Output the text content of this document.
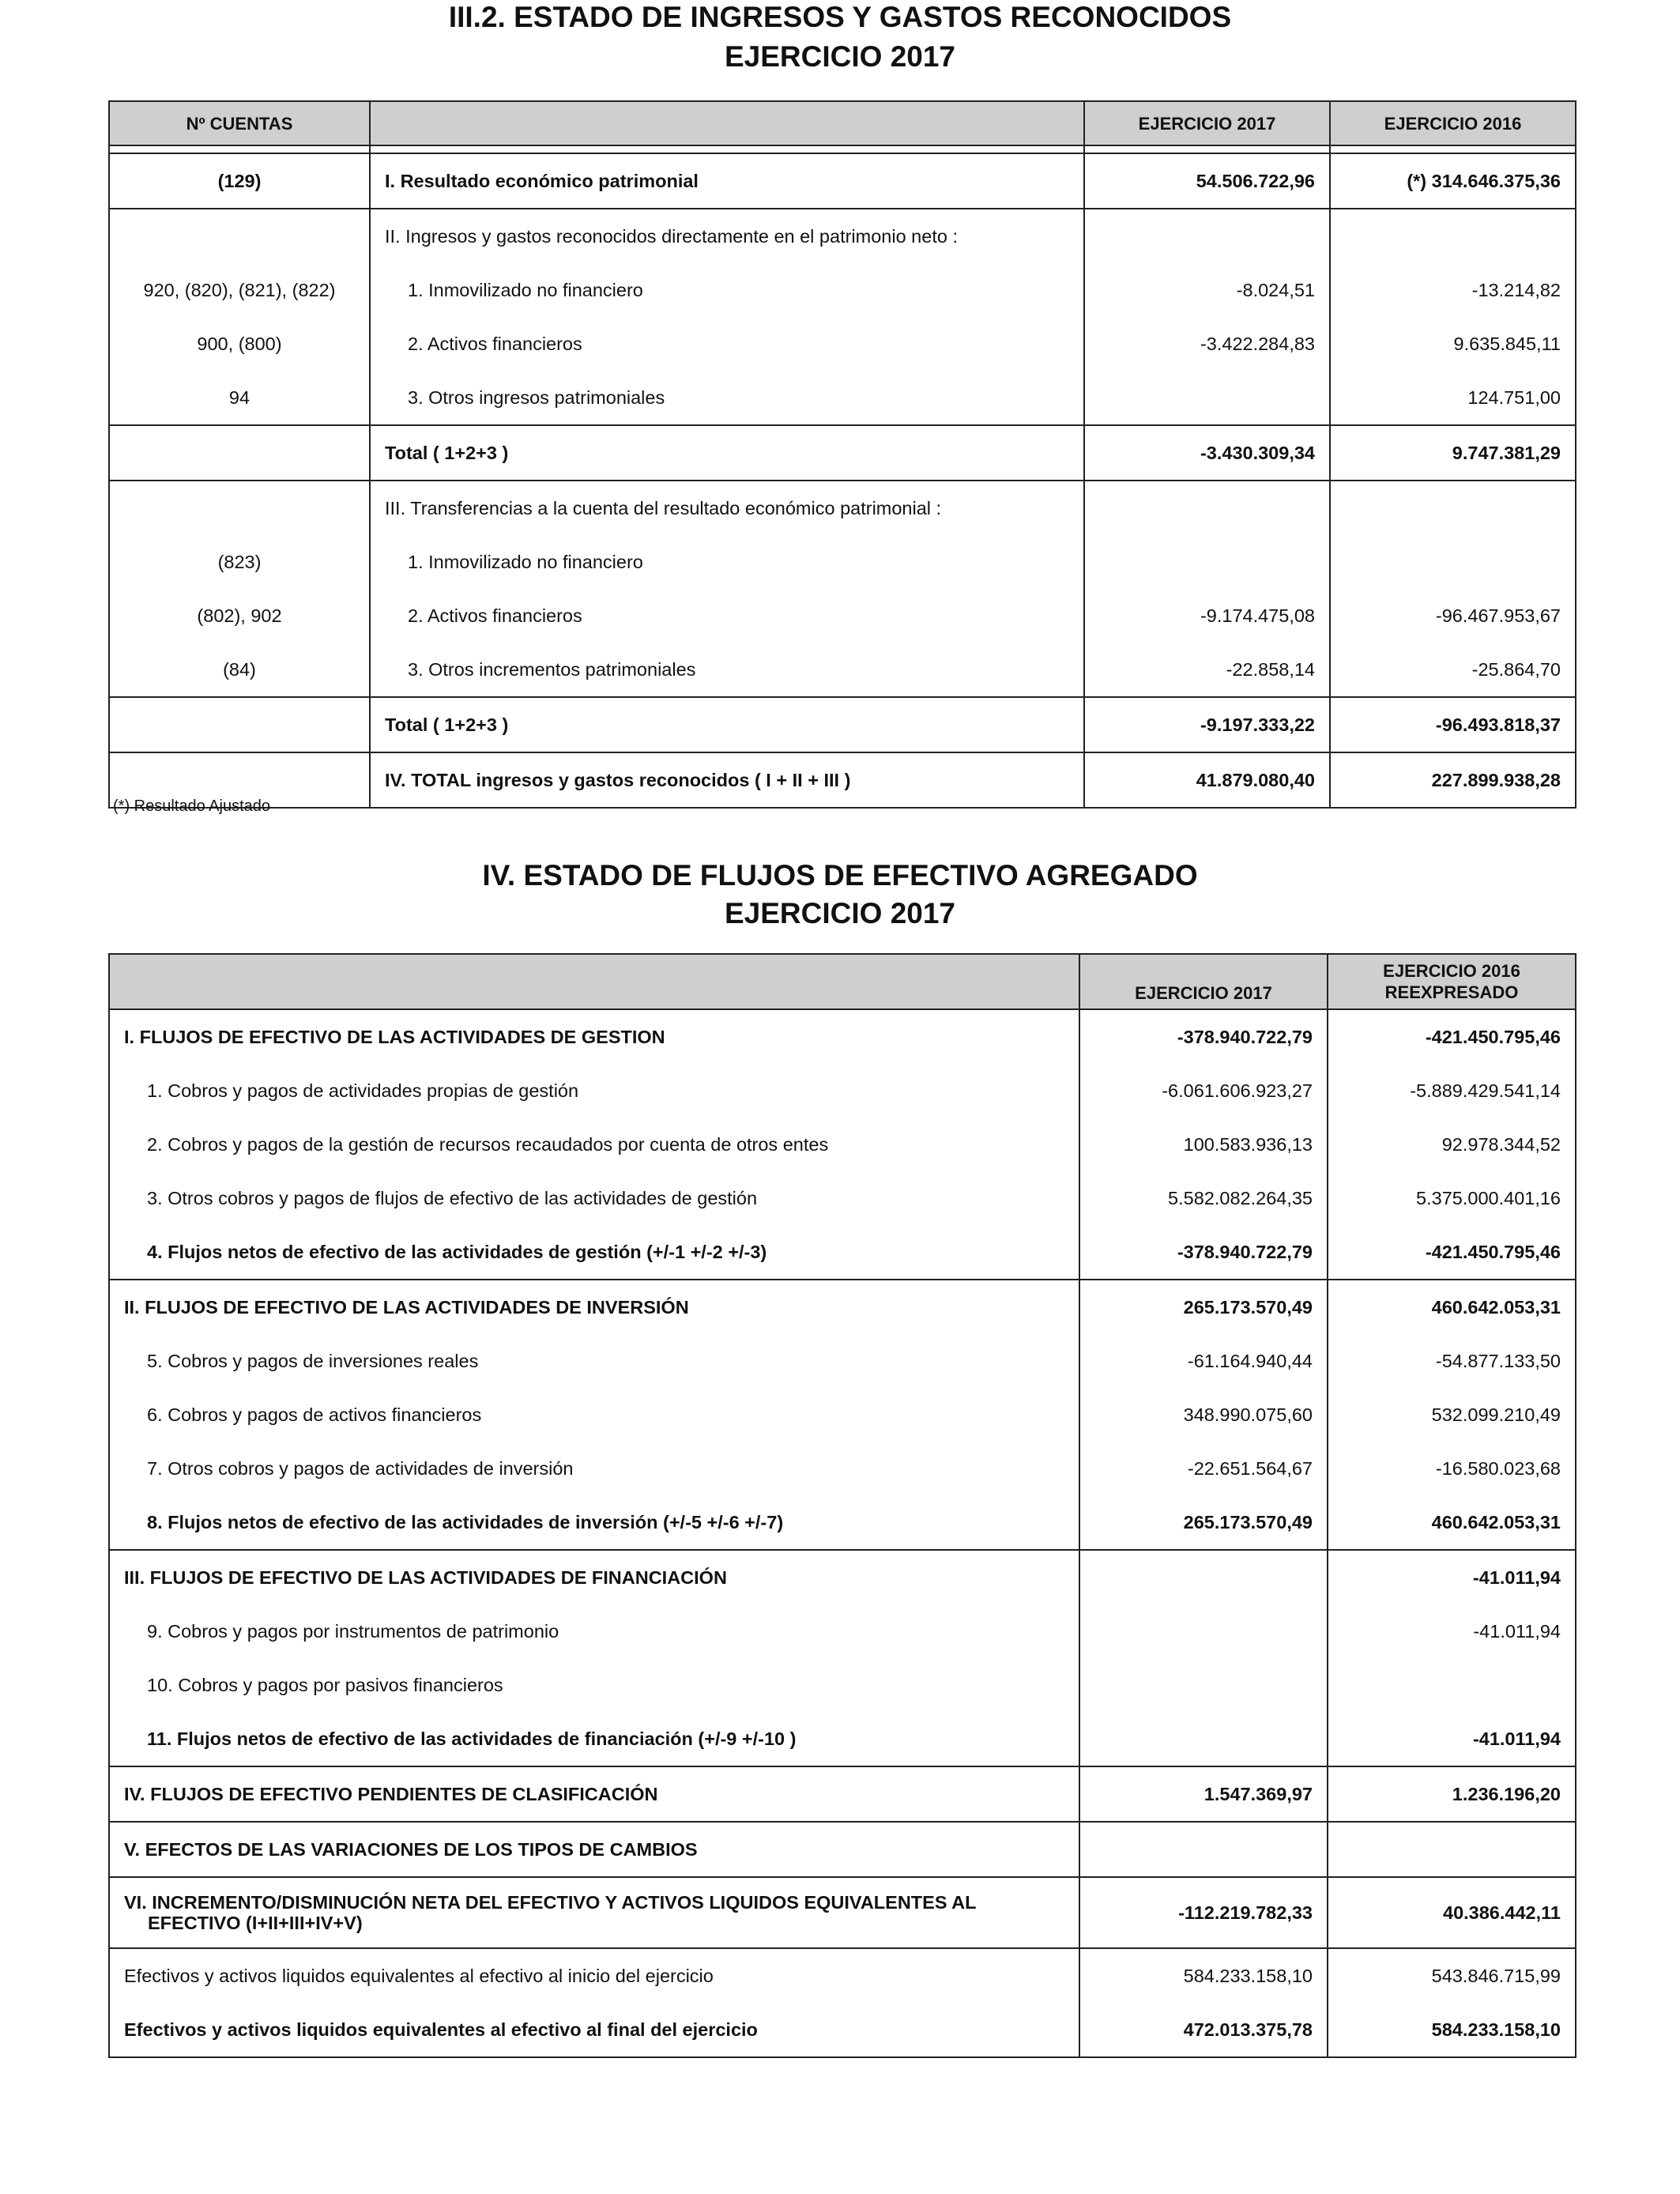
III.2. ESTADO DE INGRESOS Y GASTOS RECONOCIDOS
EJERCICIO 2017
Nº CUENTAS		EJERCICIO 2017	EJERCICIO 2016

(129)	I. Resultado económico patrimonial	54.506.722,96	(*) 314.646.375,36
	II. Ingresos y gastos reconocidos directamente en el patrimonio neto :		
920, (820), (821), (822)	1. Inmovilizado no financiero	-8.024,51	-13.214,82
900, (800)	2. Activos financieros	-3.422.284,83	9.635.845,11
94	3. Otros ingresos patrimoniales		124.751,00
	Total ( 1+2+3 )	-3.430.309,34	9.747.381,29
	III. Transferencias a la cuenta del resultado económico patrimonial :		
(823)	1. Inmovilizado no financiero		
(802), 902	2. Activos financieros	-9.174.475,08	-96.467.953,67
(84)	3. Otros incrementos patrimoniales	-22.858,14	-25.864,70
	Total ( 1+2+3 )	-9.197.333,22	-96.493.818,37
	IV. TOTAL ingresos y gastos reconocidos ( I + II + III )	41.879.080,40	227.899.938,28
(*) Resultado Ajustado
IV. ESTADO DE FLUJOS DE EFECTIVO AGREGADO
EJERCICIO 2017
	EJERCICIO 2017	EJERCICIO 2016
REEXPRESADO

I. FLUJOS DE EFECTIVO DE LAS ACTIVIDADES DE GESTION	-378.940.722,79	-421.450.795,46
1. Cobros y pagos de actividades propias de gestión	-6.061.606.923,27	-5.889.429.541,14
2. Cobros y pagos de la gestión de recursos recaudados por cuenta de otros entes	100.583.936,13	92.978.344,52
3. Otros cobros y pagos de flujos de efectivo de las actividades de gestión	5.582.082.264,35	5.375.000.401,16
4. Flujos netos de efectivo de las actividades de gestión (+/-1 +/-2 +/-3)	-378.940.722,79	-421.450.795,46
II. FLUJOS DE EFECTIVO DE LAS ACTIVIDADES DE INVERSIÓN	265.173.570,49	460.642.053,31
5. Cobros y pagos de inversiones reales	-61.164.940,44	-54.877.133,50
6. Cobros y pagos de activos financieros	348.990.075,60	532.099.210,49
7. Otros cobros y pagos de actividades de inversión	-22.651.564,67	-16.580.023,68
8. Flujos netos de efectivo de las actividades de inversión (+/-5 +/-6 +/-7)	265.173.570,49	460.642.053,31
III. FLUJOS DE EFECTIVO DE LAS ACTIVIDADES DE FINANCIACIÓN		-41.011,94
9. Cobros y pagos por instrumentos de patrimonio		-41.011,94
10. Cobros y pagos por pasivos financieros		
11. Flujos netos de efectivo de las actividades de financiación (+/-9 +/-10 )		-41.011,94
IV. FLUJOS DE EFECTIVO PENDIENTES DE CLASIFICACIÓN	1.547.369,97	1.236.196,20
V. EFECTOS DE LAS VARIACIONES DE LOS TIPOS DE CAMBIOS		
VI. INCREMENTO/DISMINUCIÓN NETA DEL EFECTIVO Y ACTIVOS LIQUIDOS EQUIVALENTES AL
EFECTIVO (I+II+III+IV+V)	-112.219.782,33	40.386.442,11
Efectivos y activos liquidos equivalentes al efectivo al inicio del ejercicio	584.233.158,10	543.846.715,99
Efectivos y activos liquidos equivalentes al efectivo al final del ejercicio	472.013.375,78	584.233.158,10
